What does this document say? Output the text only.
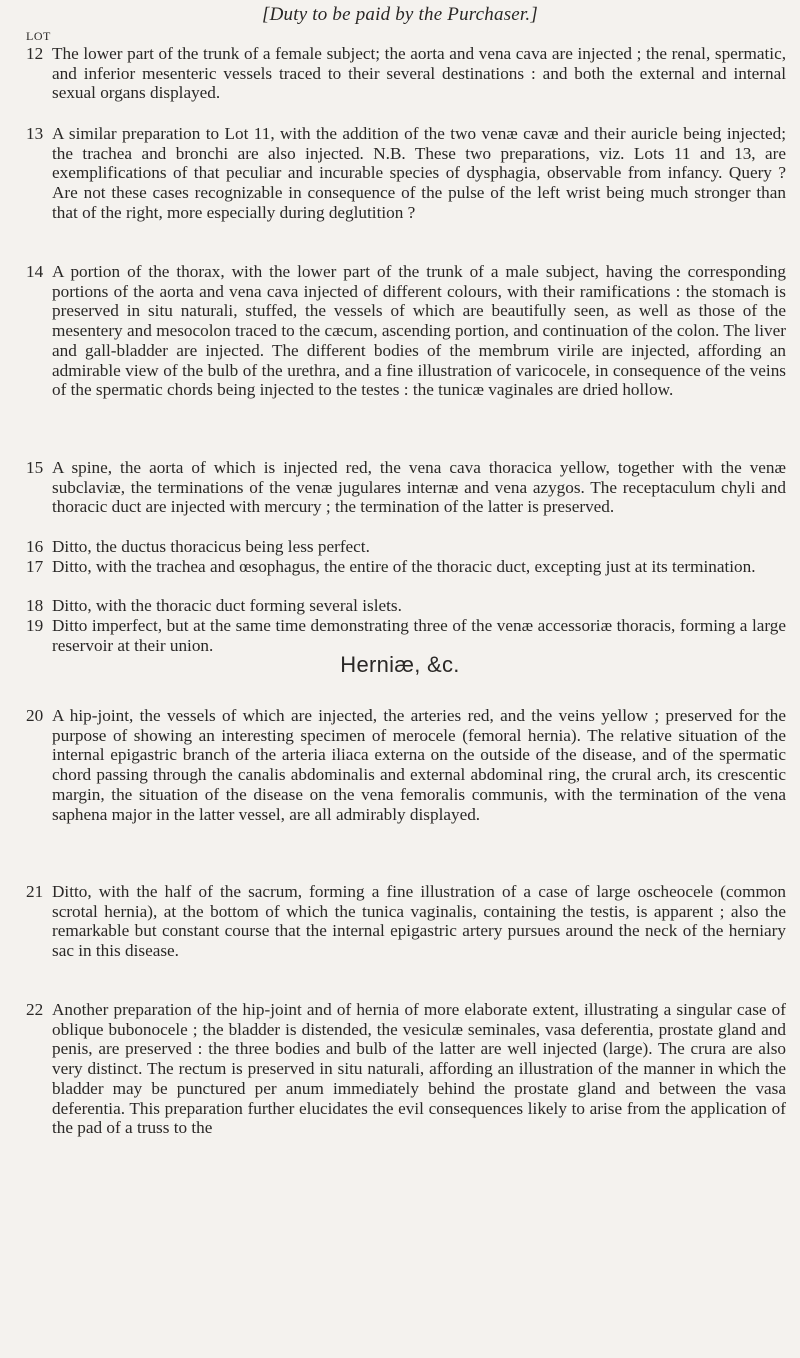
[Duty to be paid by the Purchaser.]
LOT
12 The lower part of the trunk of a female subject; the aorta and vena cava are injected ; the renal, spermatic, and inferior mesenteric vessels traced to their several destinations : and both the external and internal sexual organs displayed.
13 A similar preparation to Lot 11, with the addition of the two venæ cavæ and their auricle being injected; the trachea and bronchi are also injected. N.B. These two preparations, viz. Lots 11 and 13, are exemplifications of that peculiar and incurable species of dysphagia, observable from infancy. Query ? Are not these cases recognizable in consequence of the pulse of the left wrist being much stronger than that of the right, more especially during deglutition ?
14 A portion of the thorax, with the lower part of the trunk of a male subject, having the corresponding portions of the aorta and vena cava injected of different colours, with their ramifications : the stomach is preserved in situ naturali, stuffed, the vessels of which are beautifully seen, as well as those of the mesentery and mesocolon traced to the cæcum, ascending portion, and continuation of the colon. The liver and gall-bladder are injected. The different bodies of the membrum virile are injected, affording an admirable view of the bulb of the urethra, and a fine illustration of varicocele, in consequence of the veins of the spermatic chords being injected to the testes : the tunicæ vaginales are dried hollow.
15 A spine, the aorta of which is injected red, the vena cava thoracica yellow, together with the venæ subclaviæ, the terminations of the venæ jugulares internæ and vena azygos. The receptaculum chyli and thoracic duct are injected with mercury ; the termination of the latter is preserved.
16 Ditto, the ductus thoracicus being less perfect.
17 Ditto, with the trachea and œsophagus, the entire of the thoracic duct, excepting just at its termination.
18 Ditto, with the thoracic duct forming several islets.
19 Ditto imperfect, but at the same time demonstrating three of the venæ accessoriæ thoracis, forming a large reservoir at their union.
Herniæ, &c.
20 A hip-joint, the vessels of which are injected, the arteries red, and the veins yellow ; preserved for the purpose of showing an interesting specimen of merocele (femoral hernia). The relative situation of the internal epigastric branch of the arteria iliaca externa on the outside of the disease, and of the spermatic chord passing through the canalis abdominalis and external abdominal ring, the crural arch, its crescentic margin, the situation of the disease on the vena femoralis communis, with the termination of the vena saphena major in the latter vessel, are all admirably displayed.
21 Ditto, with the half of the sacrum, forming a fine illustration of a case of large oscheocele (common scrotal hernia), at the bottom of which the tunica vaginalis, containing the testis, is apparent ; also the remarkable but constant course that the internal epigastric artery pursues around the neck of the herniary sac in this disease.
22 Another preparation of the hip-joint and of hernia of more elaborate extent, illustrating a singular case of oblique bubonocele ; the bladder is distended, the vesiculæ seminales, vasa deferentia, prostate gland and penis, are preserved : the three bodies and bulb of the latter are well injected (large). The crura are also very distinct. The rectum is preserved in situ naturali, affording an illustration of the manner in which the bladder may be punctured per anum immediately behind the prostate gland and between the vasa deferentia. This preparation further elucidates the evil consequences likely to arise from the application of the pad of a truss to the
